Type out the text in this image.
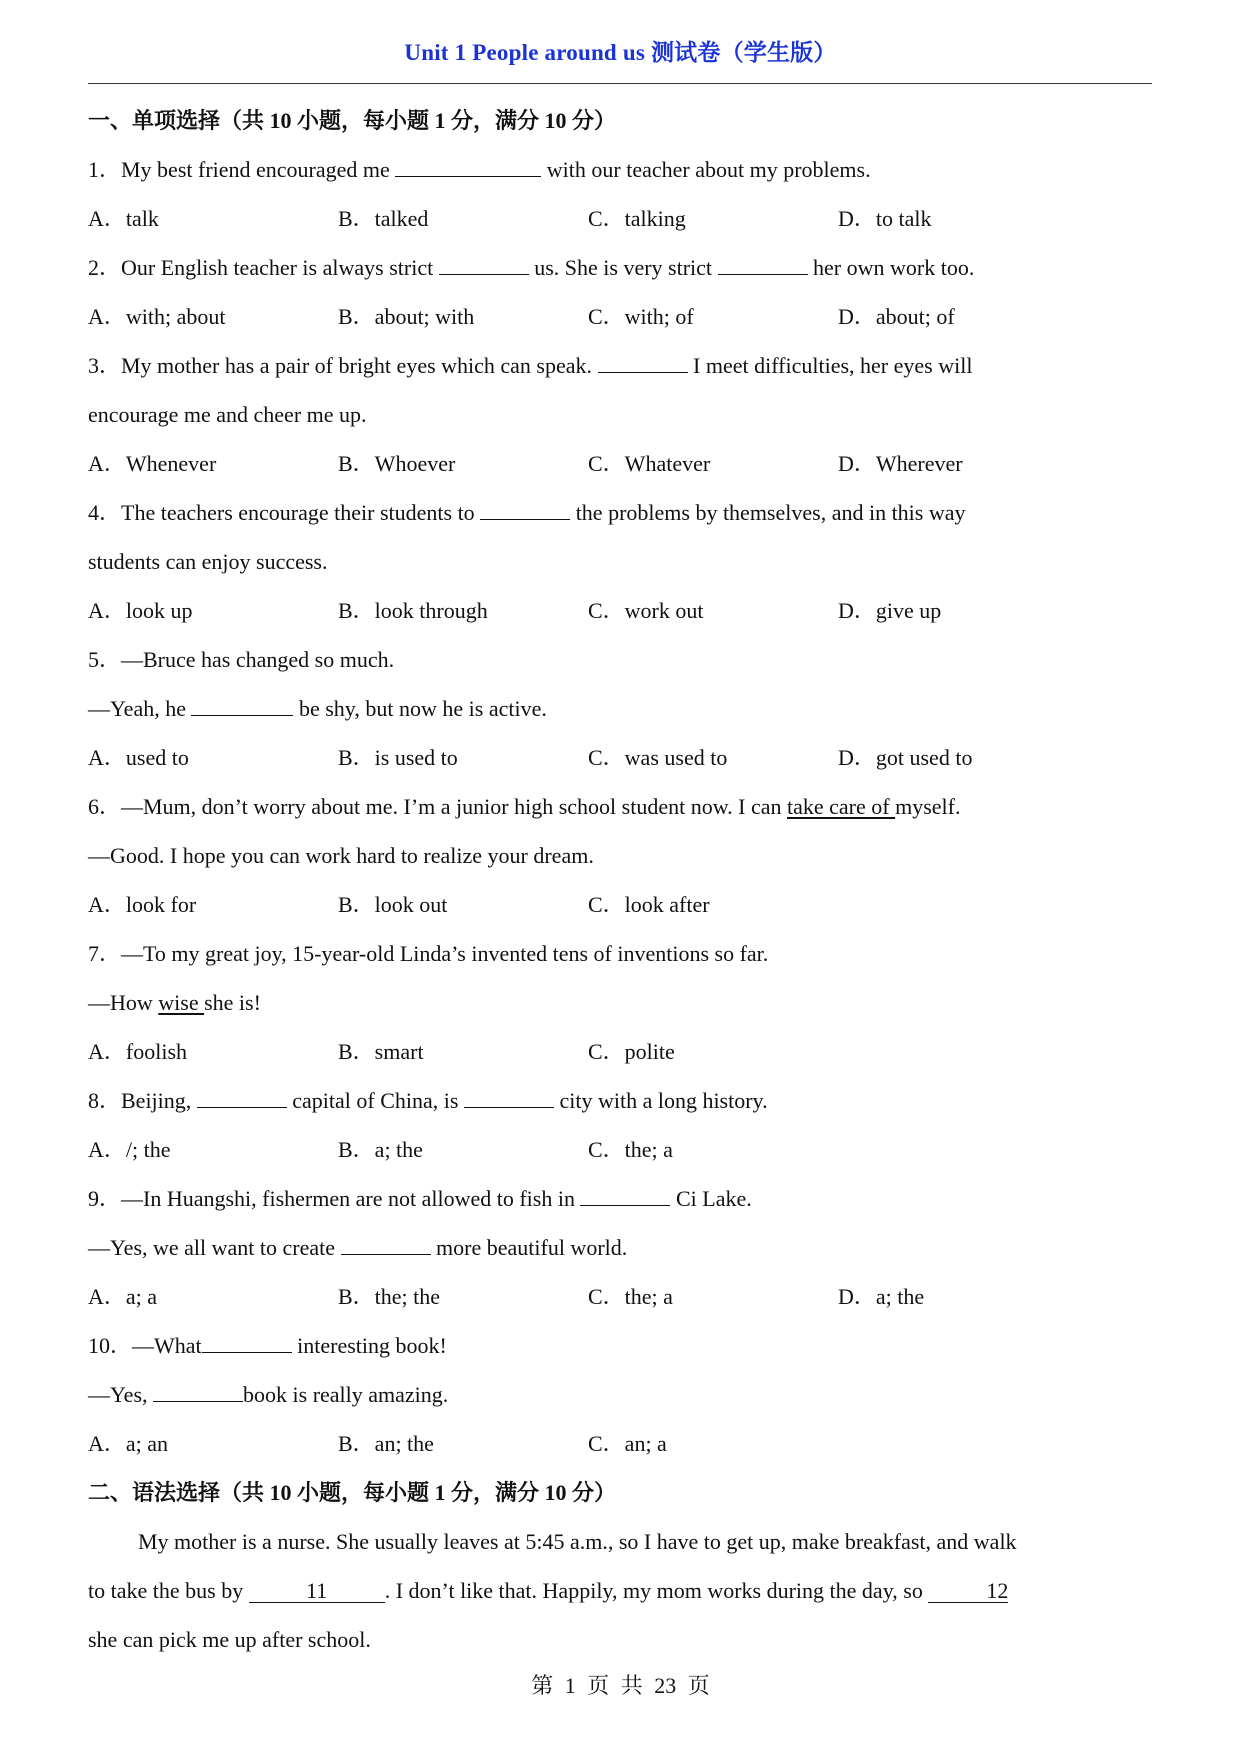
Unit 1 People around us 测试卷（学生版）
一、单项选择（共 10 小题，每小题 1 分，满分 10 分）
1．My best friend encouraged me	with our teacher about my problems.
A．talk	B．talked	C．talking	D．to talk
2．Our English teacher is always strict	us. She is very strict	her own work too.
A．with; about	B．about; with	C．with; of	D．about; of
3．My mother has a pair of bright eyes which can speak.	I meet difficulties, her eyes will
encourage me and cheer me up.
A．Whenever	B．Whoever	C．Whatever	D．Wherever
4．The teachers encourage their students to	the problems by themselves, and in this way
students can enjoy success.
A．look up	B．look through	C．work out	D．give up
5．—Bruce has changed so much.
—Yeah, he	be shy, but now he is active.
A．used to	B．is used to	C．was used to	D．got used to
6．—Mum, don’t worry about me. I’m a junior high school student now. I can take care of myself.
—Good. I hope you can work hard to realize your dream.
A．look for	B．look out	C．look after
7．—To my great joy, 15-year-old Linda’s invented tens of inventions so far.
—How wise she is!
A．foolish	B．smart	C．polite
8．Beijing,	capital of China, is	city with a long history.
A．/; the	B．a; the	C．the; a
9．—In Huangshi, fishermen are not allowed to fish in	Ci Lake.
—Yes, we all want to create	more beautiful world.
A．a; a	B．the; the	C．the; a	D．a; the
10．—What	interesting book!
—Yes,	book is really amazing.
A．a; an	B．an; the	C．an; a
二、语法选择（共 10 小题，每小题 1 分，满分 10 分）
My mother is a nurse. She usually leaves at 5:45 a.m., so I have to get up, make breakfast, and walk
to take the bus by	11	. I don’t like that. Happily, my mom works during the day, so	12
she can pick me up after school.
第 1 页 共 23 页
